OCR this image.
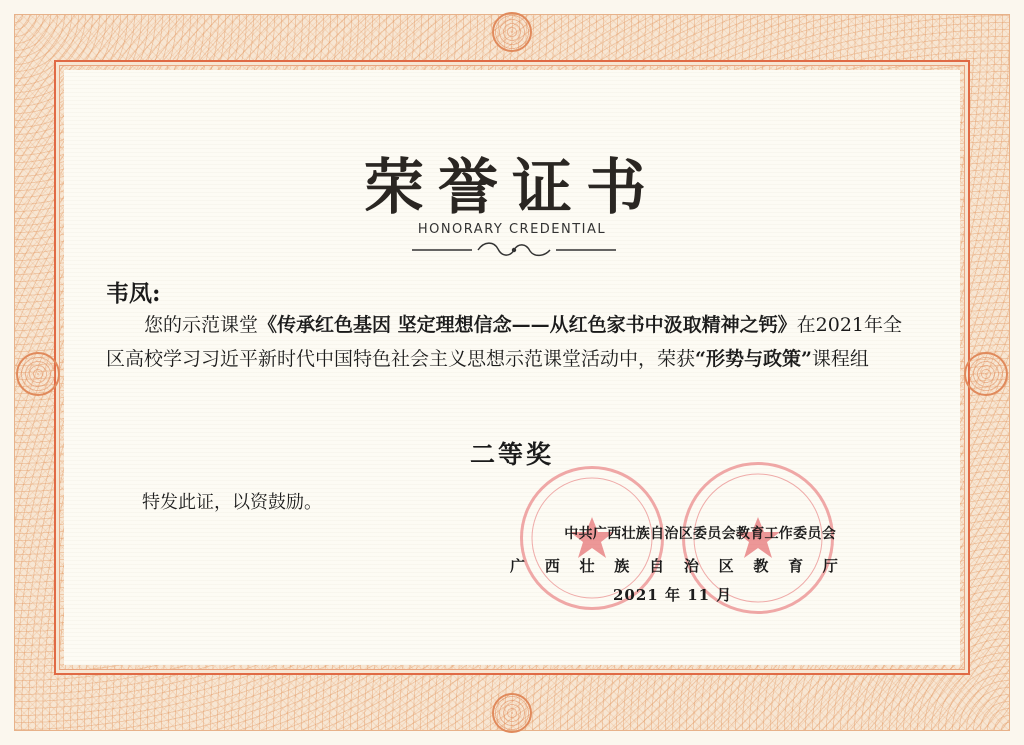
荣誉证书
HONORARY CREDENTIAL
韦凤:
您的示范课堂《传承红色基因 坚定理想信念——从红色家书中汲取精神之钙》在2021年全区高校学习习近平新时代中国特色社会主义思想示范课堂活动中，荣获“形势与政策”课程组
二等奖
特发此证，以资鼓励。
中共广西壮族自治区委员会教育工作委员会
广 西 壮 族 自 治 区 教 育 厅
2021 年 11 月
